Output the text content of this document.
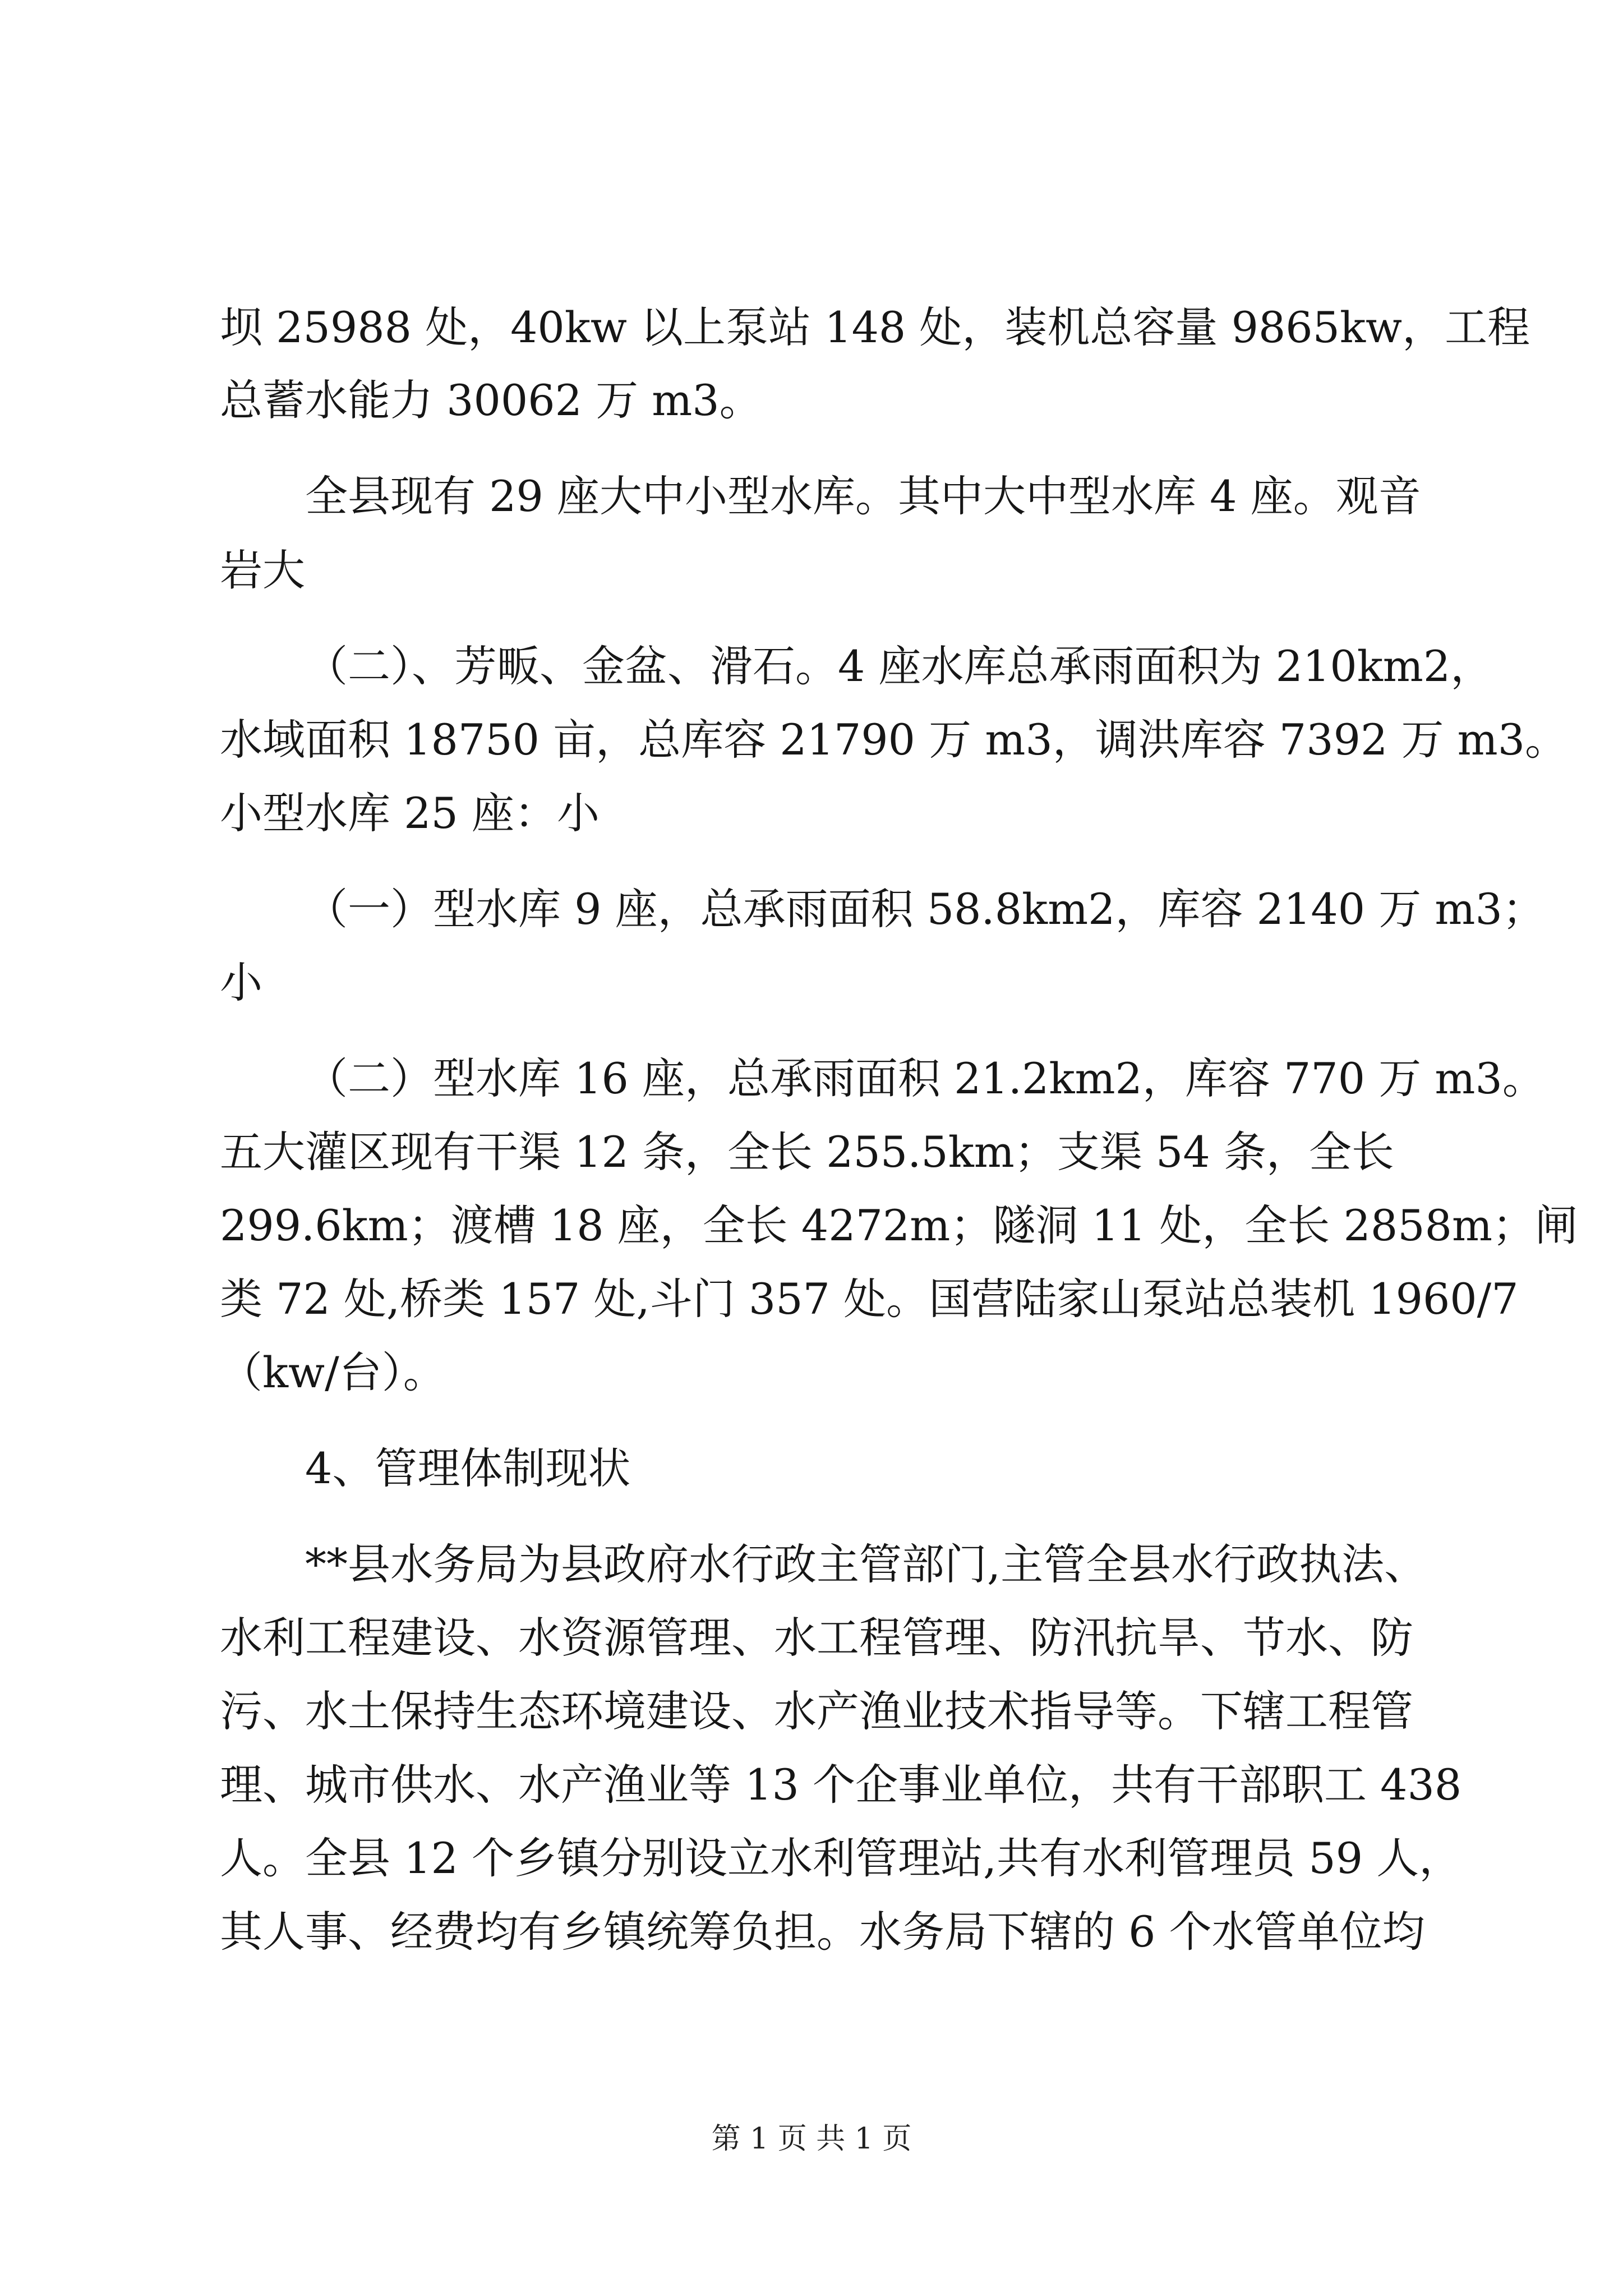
坝 25988 处，40kw 以上泵站 148 处，装机总容量 9865kw，工程
总蓄水能力 30062 万 m3。
全县现有 29 座大中小型水库。其中大中型水库 4 座。观音
岩大
（二）、芳畈、金盆、滑石。4 座水库总承雨面积为 210km2，
水域面积 18750 亩，总库容 21790 万 m3，调洪库容 7392 万 m3。
小型水库 25 座：小
（一）型水库 9 座，总承雨面积 58.8km2，库容 2140 万 m3；
小
（二）型水库 16 座，总承雨面积 21.2km2，库容 770 万 m3。
五大灌区现有干渠 12 条，全长 255.5km；支渠 54 条，全长
299.6km；渡槽 18 座，全长 4272m；隧洞 11 处，全长 2858m；闸
类 72 处,桥类 157 处,斗门 357 处。国营陆家山泵站总装机 1960/7
（kw/台）。
4、管理体制现状
**县水务局为县政府水行政主管部门,主管全县水行政执法、
水利工程建设、水资源管理、水工程管理、防汛抗旱、节水、防
污、水土保持生态环境建设、水产渔业技术指导等。下辖工程管
理、城市供水、水产渔业等 13 个企事业单位，共有干部职工 438
人。全县 12 个乡镇分别设立水利管理站,共有水利管理员 59 人，
其人事、经费均有乡镇统筹负担。水务局下辖的 6 个水管单位均
第 1 页 共 1 页
